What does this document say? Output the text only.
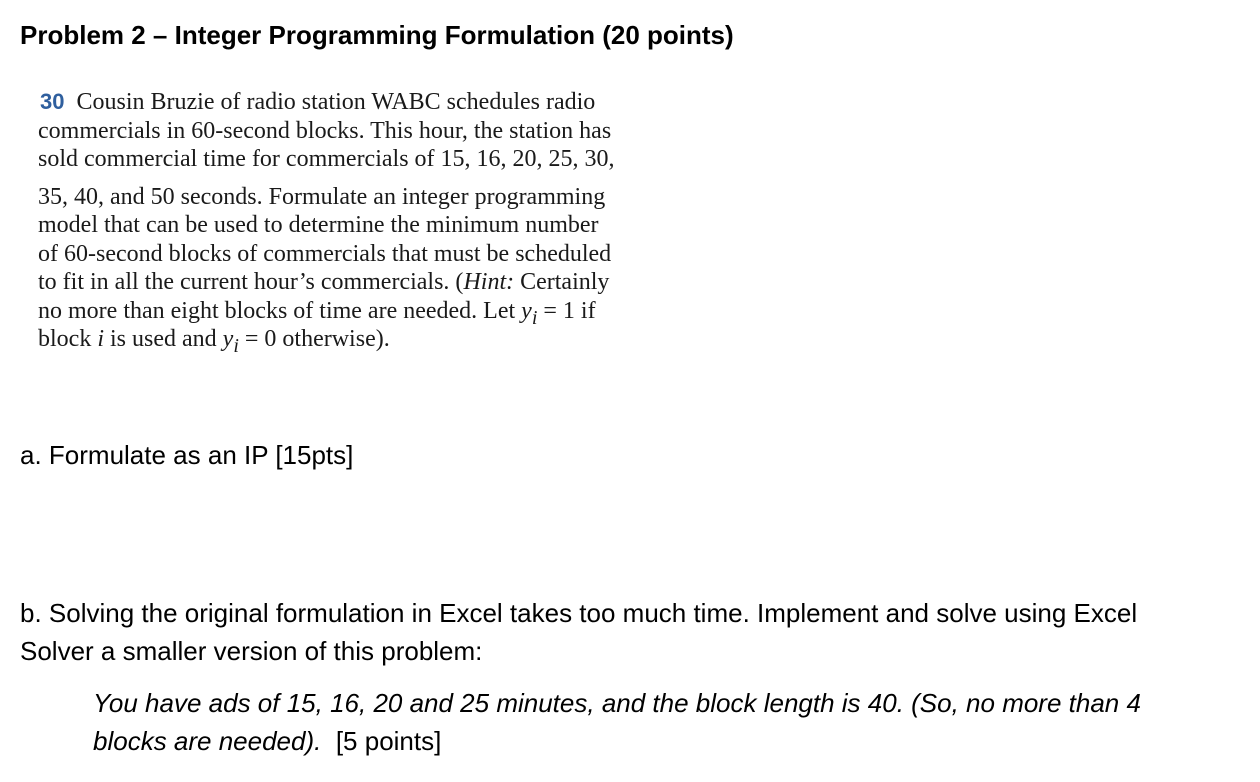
Problem 2 – Integer Programming Formulation (20 points)
30 Cousin Bruzie of radio station WABC schedules radio
commercials in 60-second blocks. This hour, the station has
sold commercial time for commercials of 15, 16, 20, 25, 30,
35, 40, and 50 seconds. Formulate an integer programming
model that can be used to determine the minimum number
of 60-second blocks of commercials that must be scheduled
to fit in all the current hour’s commercials. (Hint: Certainly
no more than eight blocks of time are needed. Let $y_i = 1$ if
block i is used and $y_i = 0$ otherwise).
a. Formulate as an IP [15pts]
b. Solving the original formulation in Excel takes too much time. Implement and solve using Excel
Solver a smaller version of this problem:
You have ads of 15, 16, 20 and 25 minutes, and the block length is 40. (So, no more than 4
blocks are needed).  [5 points]
